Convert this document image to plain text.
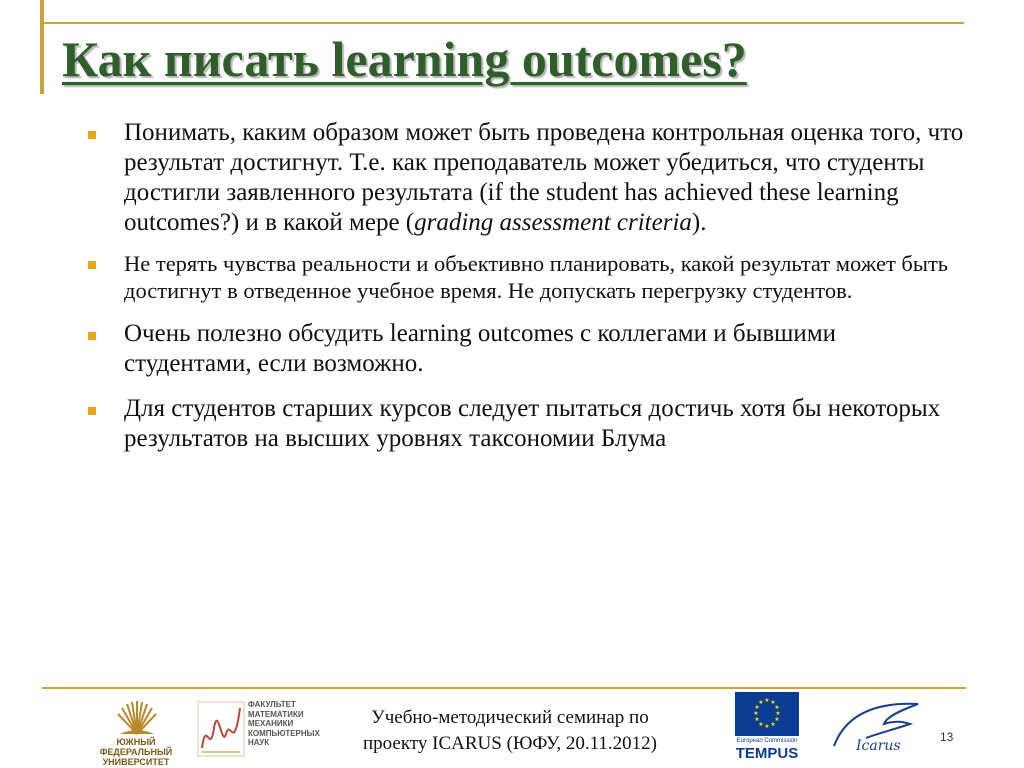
Как писать learning outcomes?
Понимать, каким образом может быть проведена контрольная оценка того, что результат достигнут. Т.е. как преподаватель может убедиться, что студенты достигли заявленного результата (if the student has achieved these learning outcomes?) и в какой мере (grading assessment criteria).
Не терять чувства реальности и объективно планировать, какой результат может быть достигнут в отведенное учебное время. Не допускать перегрузку студентов.
Очень полезно обсудить learning outcomes с коллегами и бывшими студентами, если возможно.
Для студентов старших курсов следует пытаться достичь хотя бы некоторых результатов на высших уровнях таксономии Блума
ЮЖНЫЙ ФЕДЕРАЛЬНЫЙ УНИВЕРСИТЕТ
ФАКУЛЬТЕТ МАТЕМАТИКИ МЕХАНИКИ КОМПЬЮТЕРНЫХ НАУК
Учебно-методический семинар по
проекту ICARUS (ЮФУ, 20.11.2012)
★ ★
★
★
★
★
★
★
★
★
★
★
European Commission
TEMPUS	Icarus
13
